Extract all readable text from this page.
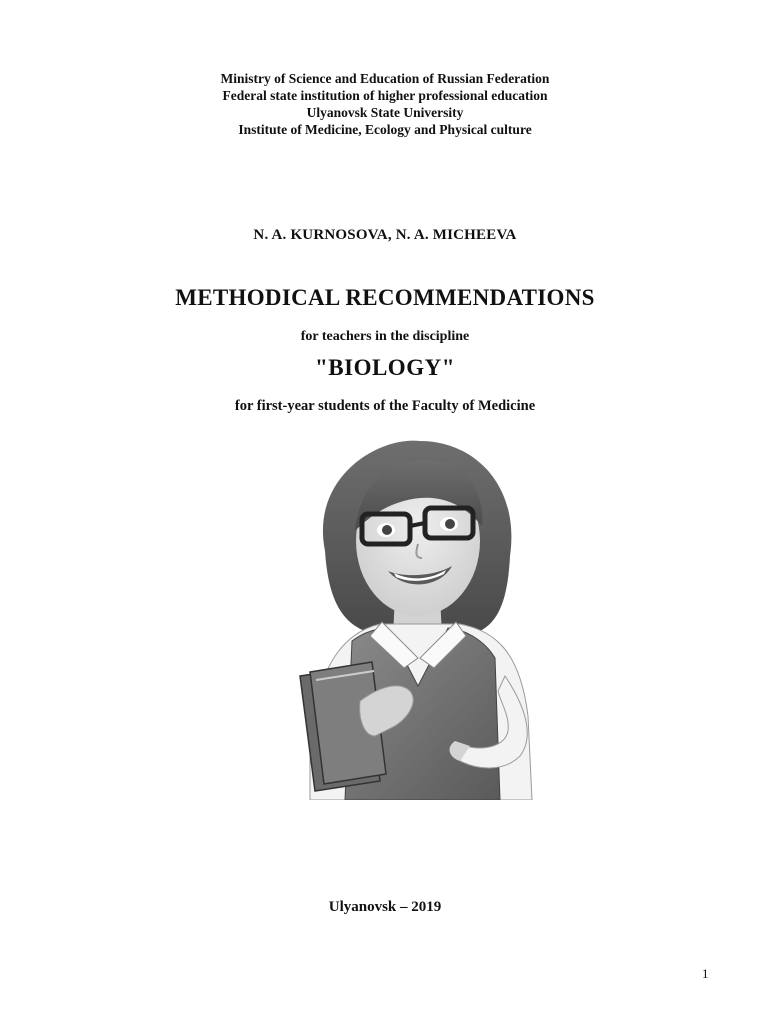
Ministry of Science and Education of Russian Federation
Federal state institution of higher professional education
Ulyanovsk State University
Institute of Medicine, Ecology and Physical culture
N. A. KURNOSOVA, N. A. MICHEEVA
METHODICAL RECOMMENDATIONS
for teachers in the discipline
"BIOLOGY"
for first-year students of the Faculty of Medicine
Ulyanovsk – 2019
1
